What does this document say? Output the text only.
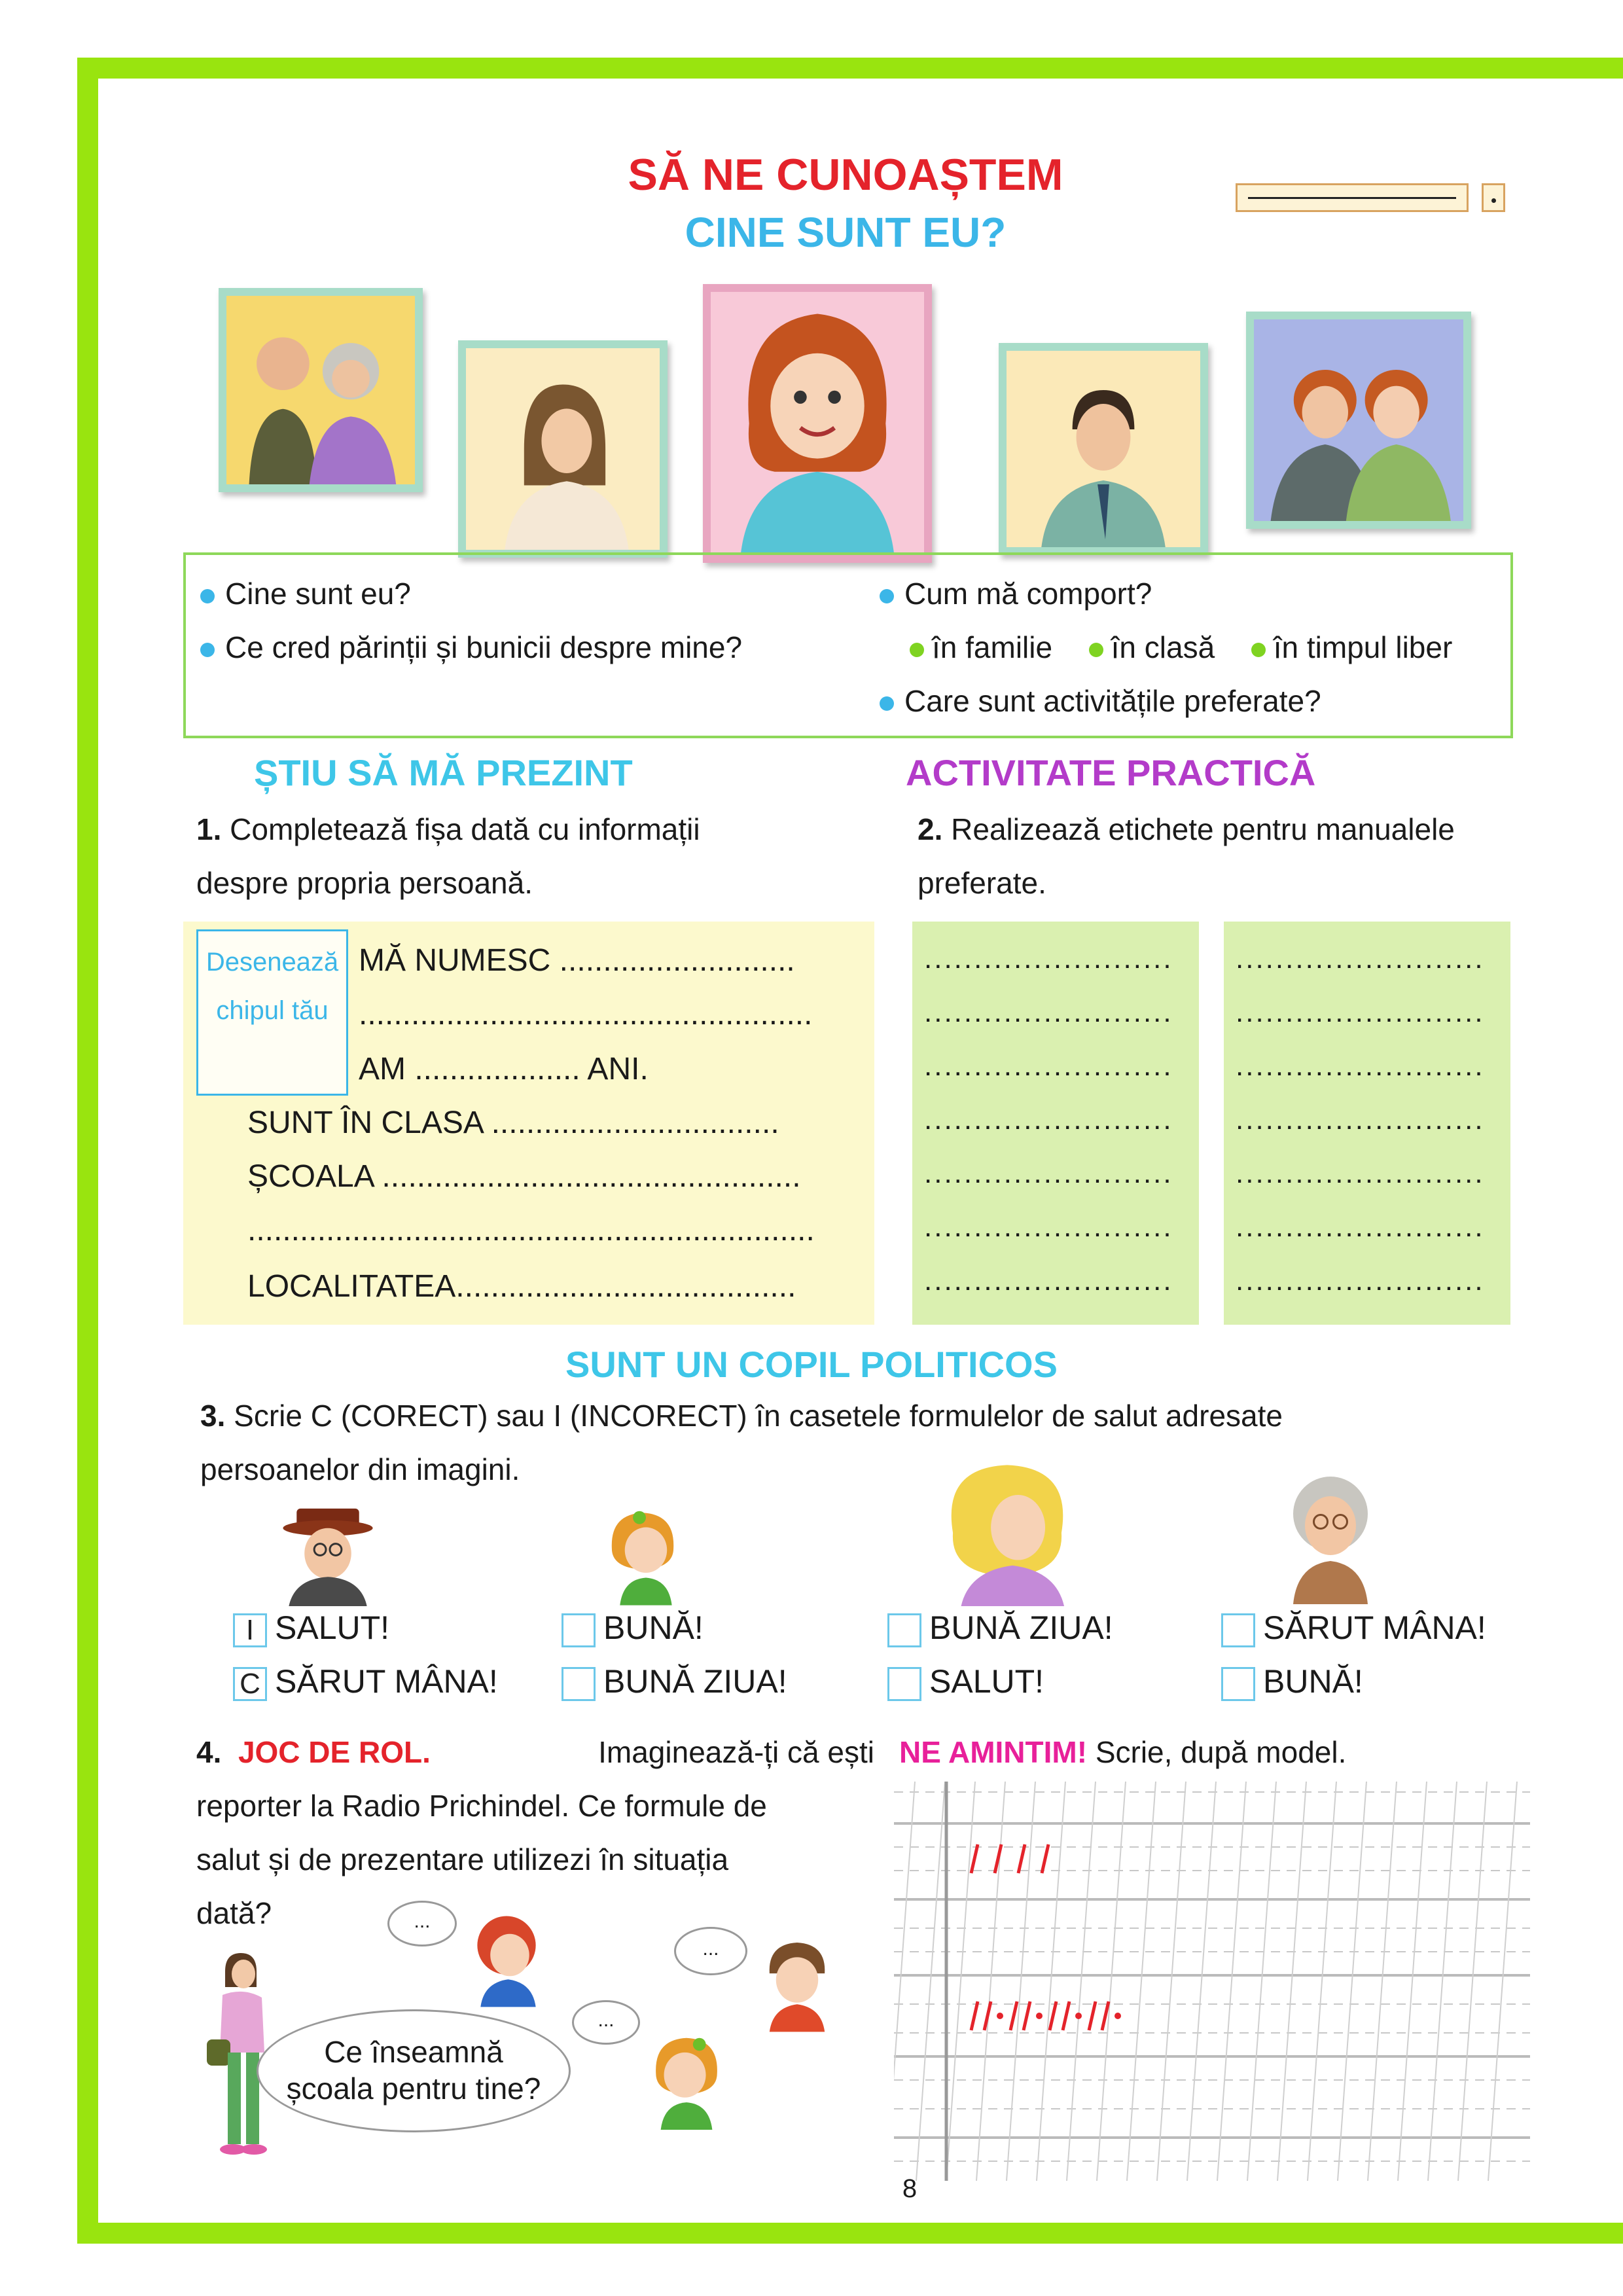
SĂ NE CUNOAȘTEM
CINE SUNT EU?
Cine sunt eu?
Ce cred părinții și bunicii despre mine?
Cum mă comport?
în familie în clasă în timpul liber
Care sunt activitățile preferate?
ȘTIU SĂ MĂ PREZINT	ACTIVITATE PRACTICĂ
1. Completează fișa dată cu informații
despre propria persoană.
2. Realizează etichete pentru manualele
preferate.
Desenează
chipul tău
MĂ NUMESC ...........................
....................................................
AM ................... ANI.
SUNT ÎN CLASA .................................
ȘCOALA ................................................
.................................................................
LOCALITATEA.......................................
.........................
.........................
.........................
.........................
.........................
.........................
.........................
.........................
.........................
.........................
.........................
.........................
.........................
.........................
SUNT UN COPIL POLITICOS
3. Scrie C (CORECT) sau I (INCORECT) în casetele formulelor de salut adresate
persoanelor din imagini.
I SALUT!
C SĂRUT MÂNA!
BUNĂ!
BUNĂ ZIUA!
BUNĂ ZIUA!
SALUT!
SĂRUT MÂNA!
BUNĂ!
4. JOC DE ROL.	Imaginează-ți că ești
reporter la Radio Prichindel. Ce formule de
salut și de prezentare utilizezi în situația
dată?
Ce înseamnă
școala pentru tine?
...
...
...
NE AMINTIM! Scrie, după model.
8
